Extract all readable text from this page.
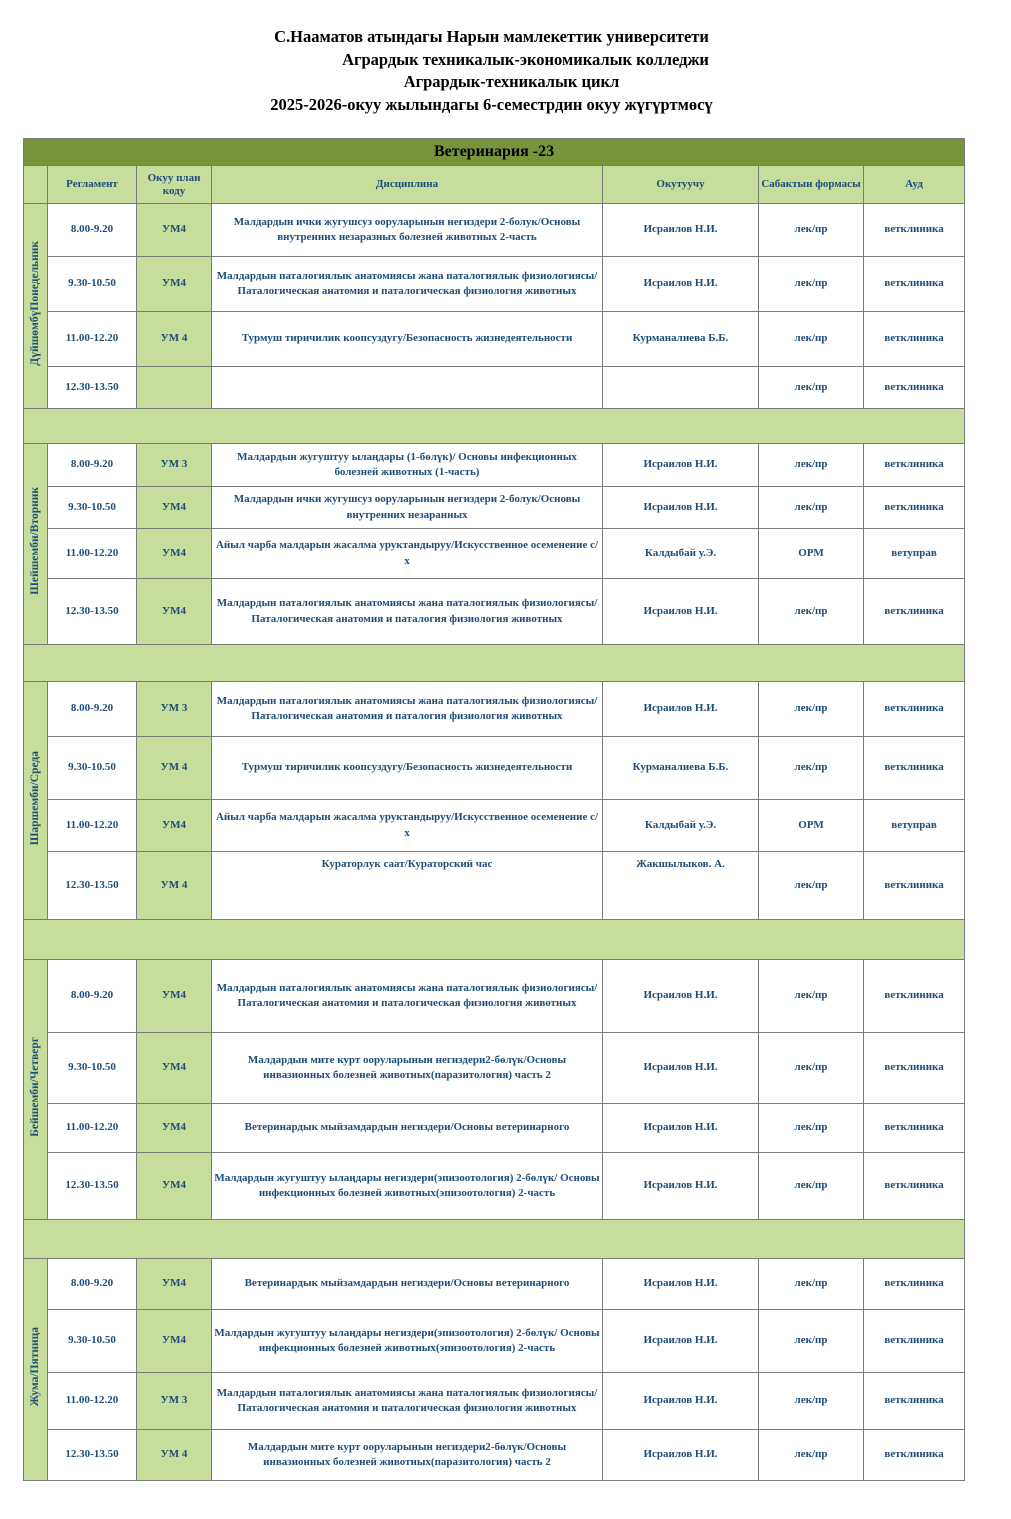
С.Нааматов атындагы Нарын мамлекеттик университети
Агрардык техникалык-экономикалык колледжи
Агрардык-техникалык цикл
2025-2026-окуу жылындагы 6-семестрдин окуу жүгүртмөсү
Ветеринария -23						
	Регламент	Окуу план коду	Дисциплина	Окутуучу	Сабактын формасы	Ауд
ДүйшөмбүПонедельник	8.00-9.20	УМ4	Малдардын ички жугушсуз ооруларынын негиздери 2-болук/Основы внутренних незаразных болезней животных 2-часть	Исраилов Н.И.	лек/пр	ветклиника
	9.30-10.50	УМ4	Малдардын паталогиялык анатомиясы жана паталогиялык физиологиясы/Паталогическая анатомия и паталогическая физиология животных	Исраилов Н.И.	лек/пр	ветклиника
	11.00-12.20	УМ 4	Турмуш тиричилик коопсуздугу/Безопасность жизнедеятельности	Курманалиева Б.Б.	лек/пр	ветклиника
	12.30-13.50				лек/пр	ветклиника

Шейшемби/Вторник	8.00-9.20	УМ 3	Малдардын жугуштуу ылаңдары (1-бөлүк)/ Основы инфекционных болезней животных (1-часть)	Исраилов Н.И.	лек/пр	ветклиника
	9.30-10.50	УМ4	Малдардын ички жугушсуз ооруларынын негиздери 2-болук/Основы внутренних незаранных	Исраилов Н.И.	лек/пр	ветклиника
	11.00-12.20	УМ4	Айыл чарба малдарын жасалма уруктандыруу/Искусственное осеменение с/х	Калдыбай у.Э.	ОРМ	ветуправ
	12.30-13.50	УМ4	Малдардын паталогиялык анатомиясы жана паталогиялык физиологиясы/Паталогическая анатомия и паталогия физиология животных	Исраилов Н.И.	лек/пр	ветклиника

Шаршемби/Среда	8.00-9.20	УМ 3	Малдардын паталогиялык анатомиясы жана паталогиялык физиологиясы/Паталогическая анатомия и паталогия физиология животных	Исраилов Н.И.	лек/пр	ветклиника
	9.30-10.50	УМ 4	Турмуш тиричилик коопсуздугу/Безопасность жизнедеятельности	Курманалиева Б.Б.	лек/пр	ветклиника
	11.00-12.20	УМ4	Айыл чарба малдарын жасалма уруктандыруу/Искусственное осеменение с/х	Калдыбай у.Э.	ОРМ	ветуправ
	12.30-13.50	УМ 4	Кураторлук саат/Кураторский час	Жакшылыков. А.	лек/пр	ветклиника

Бейшемби/Четверг	8.00-9.20	УМ4	Малдардын паталогиялык анатомиясы жана паталогиялык физиологиясы/Паталогическая анатомия и паталогическая физиология животных	Исраилов Н.И.	лек/пр	ветклиника
	9.30-10.50	УМ4	Малдардын мите курт ооруларынын негиздери2-бөлүк/Основы инвазионных болезней животных(паразитология) часть 2	Исраилов Н.И.	лек/пр	ветклиника
	11.00-12.20	УМ4	Ветеринардык мыйзамдардын негиздери/Основы ветеринарного	Исраилов Н.И.	лек/пр	ветклиника
	12.30-13.50	УМ4	Малдардын жугуштуу ылаңдары негиздери(эпизоотология) 2-бөлүк/ Основы инфекционных болезней животных(эпизоотология) 2-часть	Исраилов Н.И.	лек/пр	ветклиника

Жума/Пятница	8.00-9.20	УМ4	Ветеринардык мыйзамдардын негиздери/Основы ветеринарного	Исраилов Н.И.	лек/пр	ветклиника
	9.30-10.50	УМ4	Малдардын жугуштуу ылаңдары негиздери(эпизоотология) 2-бөлүк/ Основы инфекционных болезней животных(эпизоотология) 2-часть	Исраилов Н.И.	лек/пр	ветклиника
	11.00-12.20	УМ 3	Малдардын паталогиялык анатомиясы жана паталогиялык физиологиясы/ Паталогическая анатомия и паталогическая физиология животных	Исраилов Н.И.	лек/пр	ветклиника
	12.30-13.50	УМ 4	Малдардын мите курт ооруларынын негиздери2-бөлүк/Основы инвазионных болезней животных(паразитология) часть 2	Исраилов Н.И.	лек/пр	ветклиника
